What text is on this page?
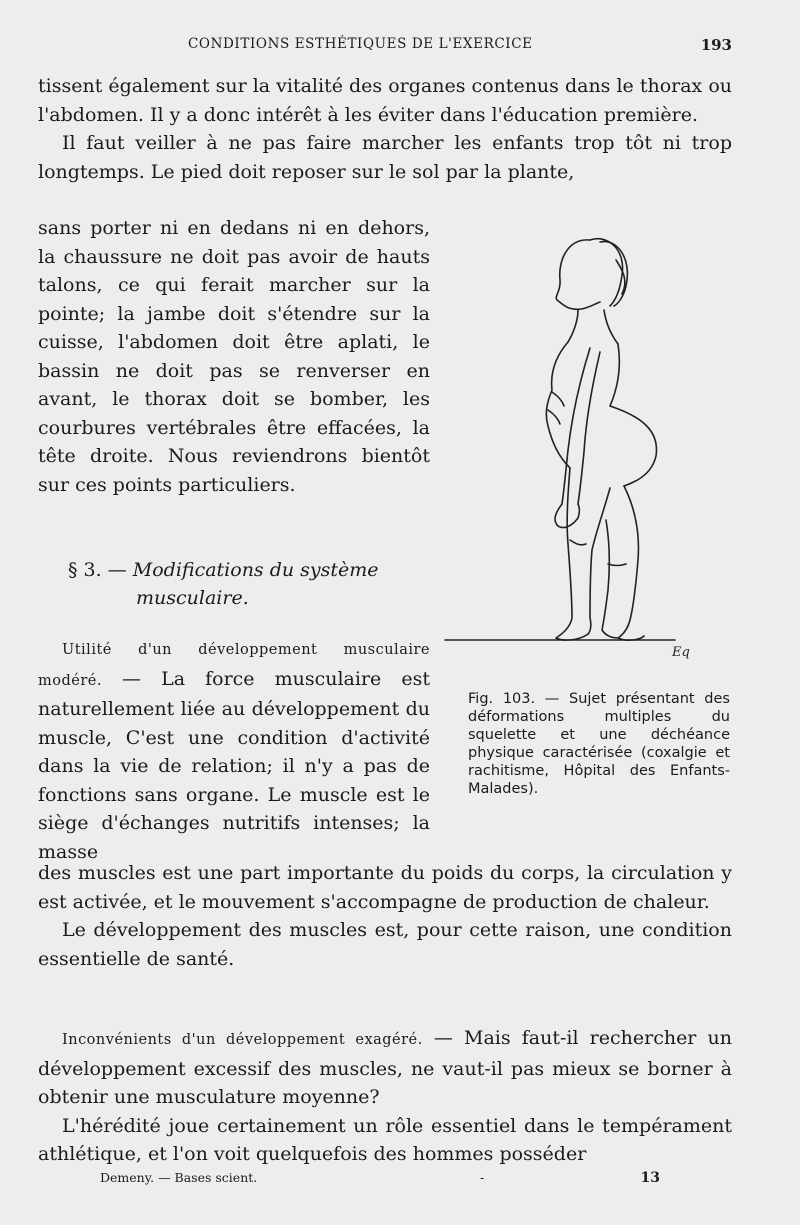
CONDITIONS ESTHÉTIQUES DE L'EXERCICE	193

tissent également sur la vitalité des organes contenus dans le thorax ou l'abdomen. Il y a donc intérêt à les éviter dans l'éducation première.

Il faut veiller à ne pas faire marcher les enfants trop tôt ni trop longtemps. Le pied doit reposer sur le sol par la plante,

sans porter ni en dedans ni en dehors, la chaussure ne doit pas avoir de hauts talons, ce qui ferait marcher sur la pointe; la jambe doit s'étendre sur la cuisse, l'abdomen doit être aplati, le bassin ne doit pas se renverser en avant, le thorax doit se bomber, les courbures vertébrales être effacées, la tête droite. Nous reviendrons bientôt sur ces points particuliers.

§ 3. — Modifications du système
musculaire.

Utilité d'un développement musculaire modéré. — La force musculaire est naturellement liée au développement du muscle, C'est une condition d'activité dans la vie de relation; il n'y a pas de fonctions sans organe. Le muscle est le siège d'échanges nutritifs intenses; la masse

des muscles est une part importante du poids du corps, la circulation y est activée, et le mouvement s'accompagne de production de chaleur.

Le développement des muscles est, pour cette raison, une condition essentielle de santé.

Inconvénients d'un développement exagéré. — Mais faut-il rechercher un développement excessif des muscles, ne vaut-il pas mieux se borner à obtenir une musculature moyenne?

L'hérédité joue certainement un rôle essentiel dans le tempérament athlétique, et l'on voit quelquefois des hommes posséder

Eq
Fig. 103. — Sujet présentant des déformations multiples du squelette et une déchéance physique caractérisée (coxalgie et rachitisme, Hôpital des Enfants-Malades).
Demeny. — Bases scient.	-	13
